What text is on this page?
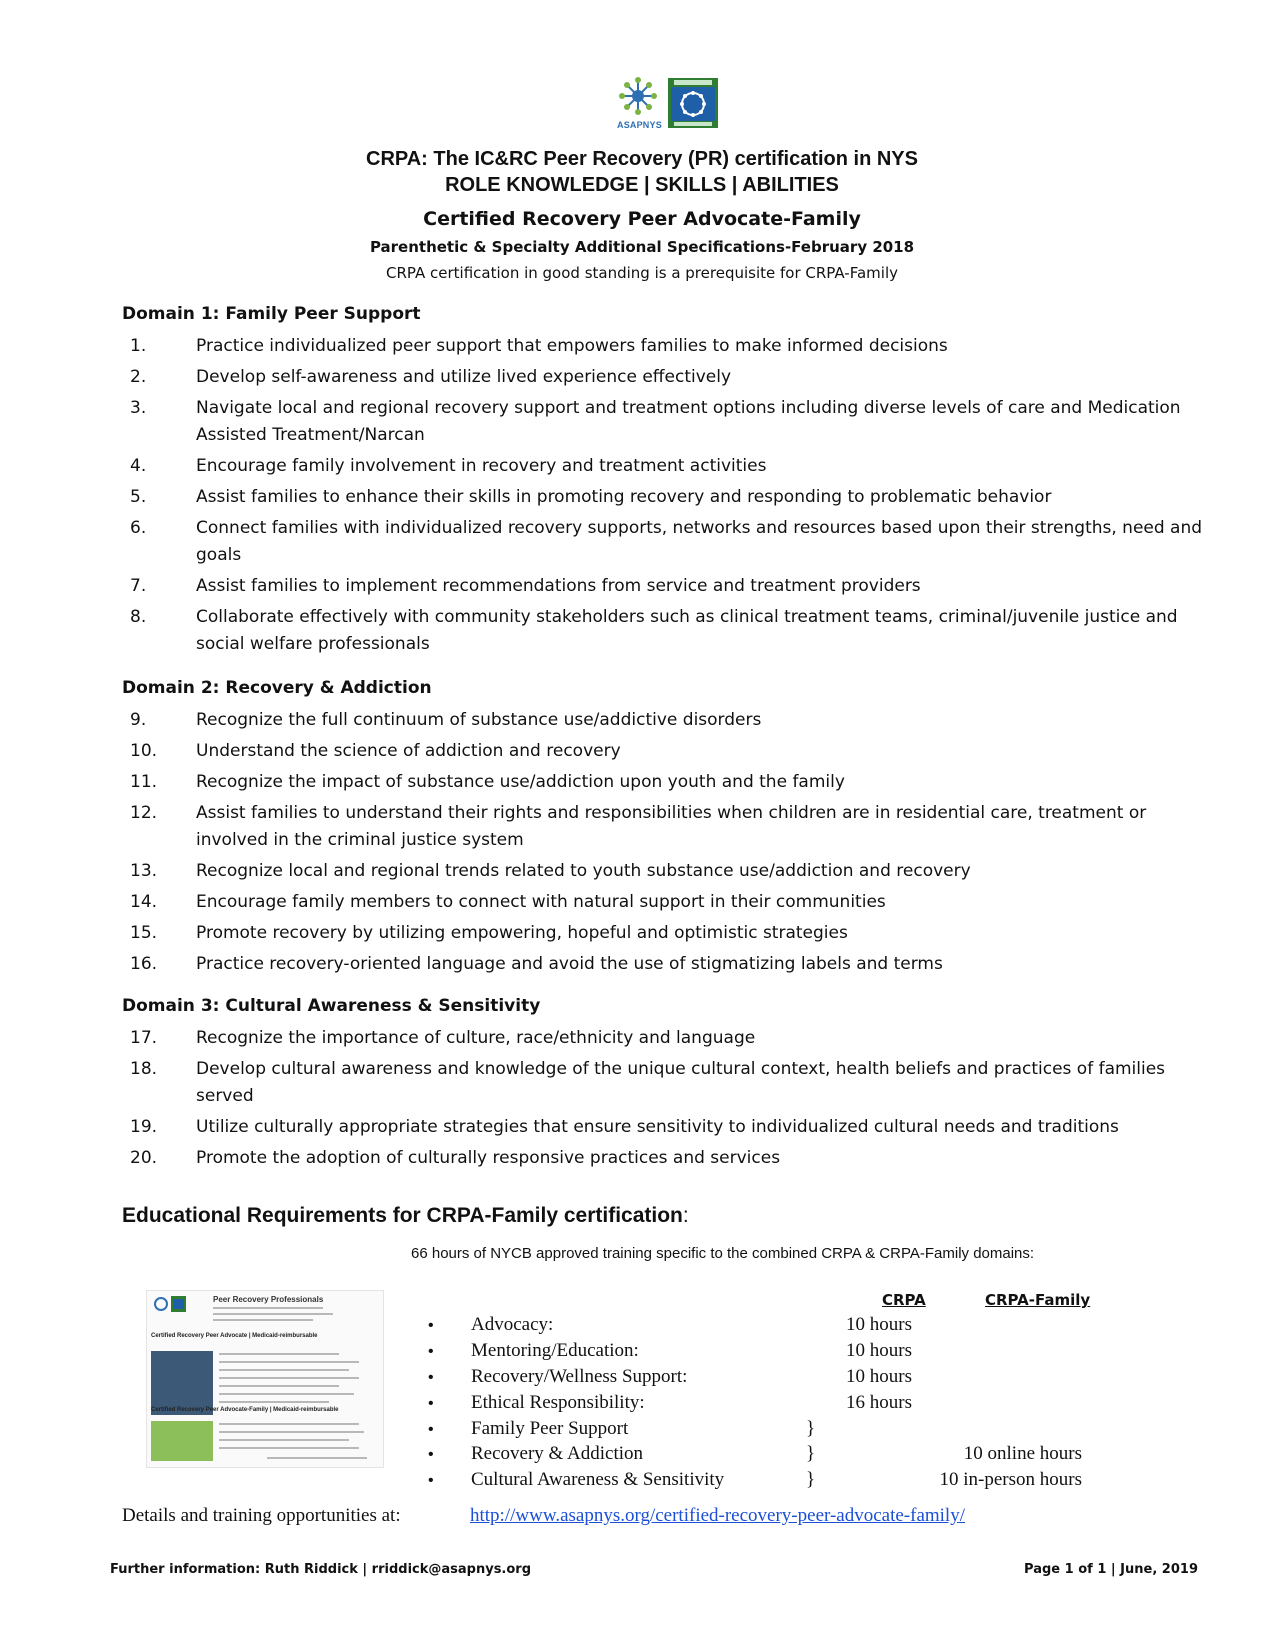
ASAPNYS
CRPA: The IC&RC Peer Recovery (PR) certification in NYS
ROLE KNOWLEDGE | SKILLS | ABILITIES
Certified Recovery Peer Advocate-Family
Parenthetic & Specialty Additional Specifications-February 2018
CRPA certification in good standing is a prerequisite for CRPA-Family
Domain 1: Family Peer Support
1.	Practice individualized peer support that empowers families to make informed decisions
2.	Develop self-awareness and utilize lived experience effectively
3.	Navigate local and regional recovery support and treatment options including diverse levels of care and Medication Assisted Treatment/Narcan
4.	Encourage family involvement in recovery and treatment activities
5.	Assist families to enhance their skills in promoting recovery and responding to problematic behavior
6.	Connect families with individualized recovery supports, networks and resources based upon their strengths, need and goals
7.	Assist families to implement recommendations from service and treatment providers
8.	Collaborate effectively with community stakeholders such as clinical treatment teams, criminal/juvenile justice and social welfare professionals
Domain 2: Recovery & Addiction
9.	Recognize the full continuum of substance use/addictive disorders
10. Understand the science of addiction and recovery
11. Recognize the impact of substance use/addiction upon youth and the family
12. Assist families to understand their rights and responsibilities when children are in residential care, treatment or involved in the criminal justice system
13. Recognize local and regional trends related to youth substance use/addiction and recovery
14. Encourage family members to connect with natural support in their communities
15. Promote recovery by utilizing empowering, hopeful and optimistic strategies
16. Practice recovery-oriented language and avoid the use of stigmatizing labels and terms
Domain 3: Cultural Awareness & Sensitivity
17. Recognize the importance of culture, race/ethnicity and language
18. Develop cultural awareness and knowledge of the unique cultural context, health beliefs and practices of families served
19. Utilize culturally appropriate strategies that ensure sensitivity to individualized cultural needs and traditions
20. Promote the adoption of culturally responsive practices and services
Educational Requirements for CRPA-Family certification:
66 hours of NYCB approved training specific to the combined CRPA & CRPA-Family domains:
CRPA	CRPA-Family
• Advocacy:	10 hours
• Mentoring/Education:	10 hours
• Recovery/Wellness Support:	10 hours
• Ethical Responsibility:	16 hours
• Family Peer Support	}
• Recovery & Addiction	}	10 online hours
• Cultural Awareness & Sensitivity	}	10 in-person hours
Peer Recovery Professionals
Certified Recovery Peer Advocate | Medicaid-reimbursable
Certified Recovery Peer Advocate-Family | Medicaid-reimbursable
Details and training opportunities at:	http://www.asapnys.org/certified-recovery-peer-advocate-family/
Further information: Ruth Riddick | rriddick@asapnys.org	Page 1 of 1 | June, 2019
